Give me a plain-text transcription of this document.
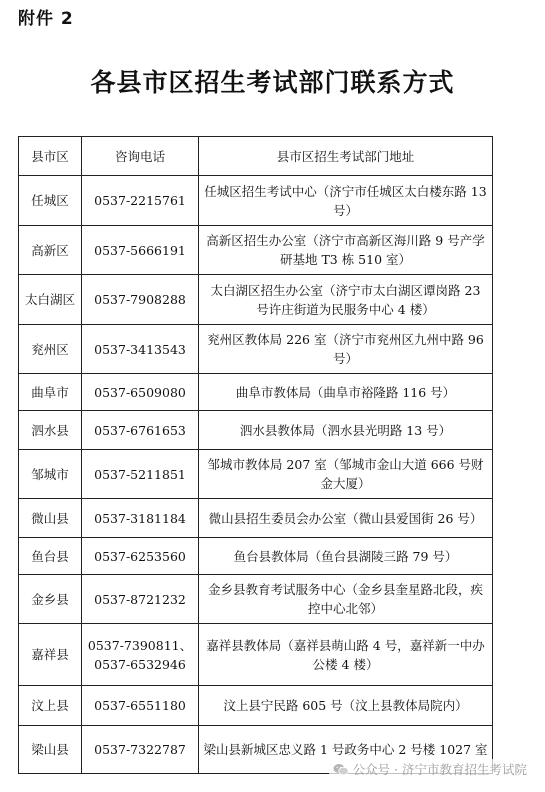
附件 2
各县市区招生考试部门联系方式
县市区	咨询电话	县市区招生考试部门地址
任城区	0537-2215761	任城区招生考试中心（济宁市任城区太白楼东路 13 号）
高新区	0537-5666191	高新区招生办公室（济宁市高新区海川路 9 号产学研基地 T3 栋 510 室）
太白湖区	0537-7908288	太白湖区招生办公室（济宁市太白湖区谭岗路 23 号许庄街道为民服务中心 4 楼）
兖州区	0537-3413543	兖州区教体局 226 室（济宁市兖州区九州中路 96 号）
曲阜市	0537-6509080	曲阜市教体局（曲阜市裕隆路 116 号）
泗水县	0537-6761653	泗水县教体局（泗水县光明路 13 号）
邹城市	0537-5211851	邹城市教体局 207 室（邹城市金山大道 666 号财金大厦）
微山县	0537-3181184	微山县招生委员会办公室（微山县爱国街 26 号）
鱼台县	0537-6253560	鱼台县教体局（鱼台县湖陵三路 79 号）
金乡县	0537-8721232	金乡县教育考试服务中心（金乡县奎星路北段，疾控中心北邻）
嘉祥县	0537-7390811、0537-6532946	嘉祥县教体局（嘉祥县萌山路 4 号，嘉祥新一中办公楼 4 楼）
汶上县	0537-6551180	汶上县宁民路 605 号（汶上县教体局院内）
梁山县	0537-7322787	梁山县新城区忠义路 1 号政务中心 2 号楼 1027 室
公众号 · 济宁市教育招生考试院
